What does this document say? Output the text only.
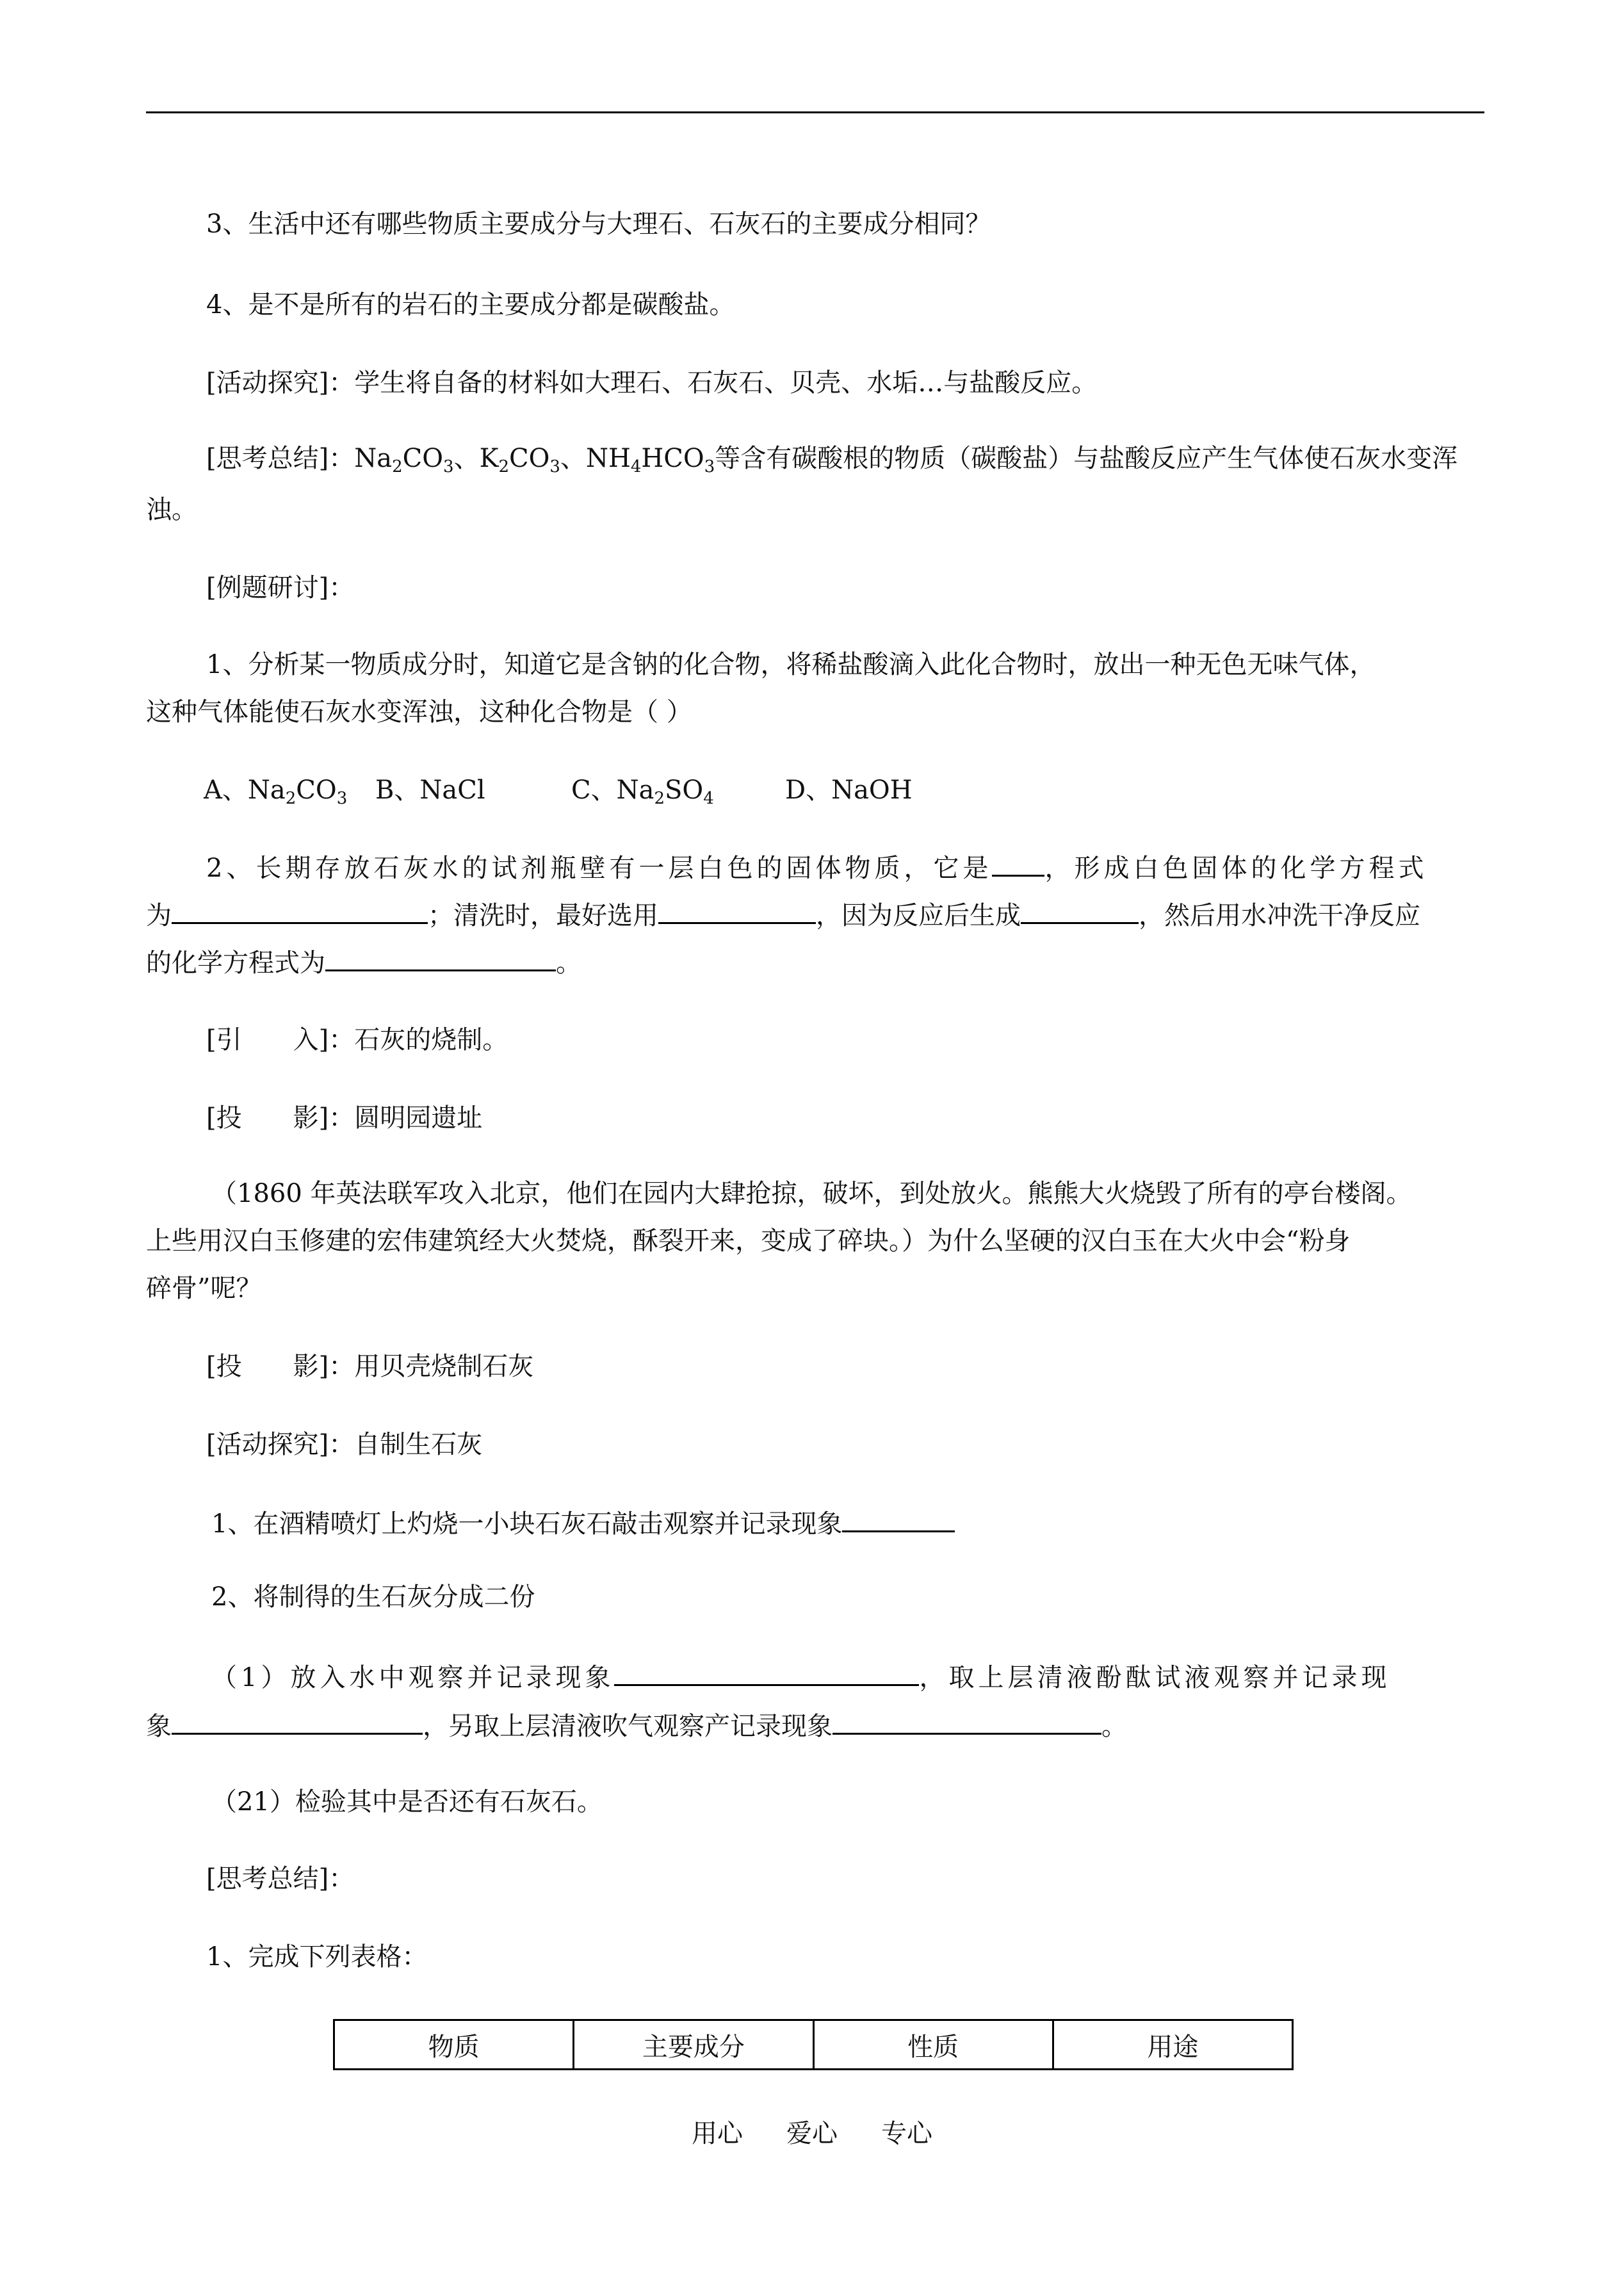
3、生活中还有哪些物质主要成分与大理石、石灰石的主要成分相同？
4、是不是所有的岩石的主要成分都是碳酸盐。
[活动探究]：学生将自备的材料如大理石、石灰石、贝壳、水垢…与盐酸反应。
[思考总结]：$Na_2CO_3$、$K_2CO_3$、$NH_4HCO_3$等含有碳酸根的物质（碳酸盐）与盐酸反应产生气体使石灰水变浑
浊。
[例题研讨]：
1、分析某一物质成分时，知道它是含钠的化合物，将稀盐酸滴入此化合物时，放出一种无色无味气体，
这种气体能使石灰水变浑浊，这种化合物是（ ）
A、$Na_2CO_3$ B、NaCl	C、$Na_2SO_4$	D、NaOH
2、长期存放石灰水的试剂瓶壁有一层白色的固体物质，它是 ，形成白色固体的化学方程式
为	；清洗时，最好选用	，因为反应后生成	，然后用水冲洗干净反应
的化学方程式为	。
[引　　入]：石灰的烧制。
[投　　影]：圆明园遗址
（1860 年英法联军攻入北京，他们在园内大肆抢掠，破坏，到处放火。熊熊大火烧毁了所有的亭台楼阁。
上些用汉白玉修建的宏伟建筑经大火焚烧，酥裂开来，变成了碎块。）为什么坚硬的汉白玉在大火中会“粉身
碎骨”呢？
[投　　影]：用贝壳烧制石灰
[活动探究]：自制生石灰
1、在酒精喷灯上灼烧一小块石灰石敲击观察并记录现象
2、将制得的生石灰分成二份
（1）放入水中观察并记录现象	，取上层清液酚酞试液观察并记录现
象	，另取上层清液吹气观察产记录现象	。
（21）检验其中是否还有石灰石。
[思考总结]：
1、完成下列表格：
物质	主要成分	性质	用途
用心 爱心 专心
